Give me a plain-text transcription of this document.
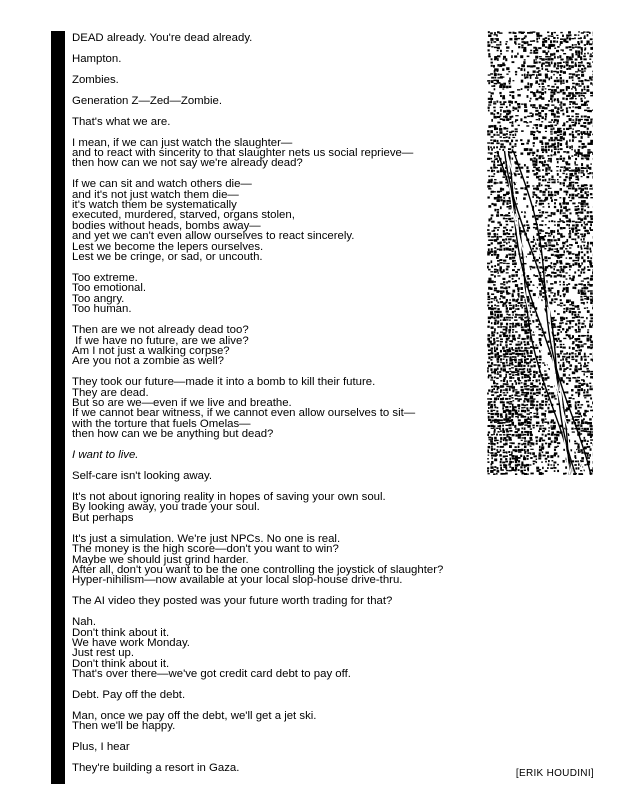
DEAD already. You're dead already.
Hampton.
Zombies.
Generation Z—Zed—Zombie.
That's what we are.
I mean, if we can just watch the slaughter—
and to react with sincerity to that slaughter nets us social reprieve—
then how can we not say we're already dead?
If we can sit and watch others die—
and it's not just watch them die—
it's watch them be systematically
executed, murdered, starved, organs stolen,
bodies without heads, bombs away—
and yet we can't even allow ourselves to react sincerely.
Lest we become the lepers ourselves.
Lest we be cringe, or sad, or uncouth.
Too extreme.
Too emotional.
Too angry.
Too human.
Then are we not already dead too?
If we have no future, are we alive?
Am I not just a walking corpse?
Are you not a zombie as well?
They took our future—made it into a bomb to kill their future.
They are dead.
But so are we—even if we live and breathe.
If we cannot bear witness, if we cannot even allow ourselves to sit—
with the torture that fuels Omelas—
then how can we be anything but dead?
I want to live.
Self-care isn't looking away.
It's not about ignoring reality in hopes of saving your own soul.
By looking away, you trade your soul.
But perhaps
It's just a simulation. We're just NPCs. No one is real.
The money is the high score—don't you want to win?
Maybe we should just grind harder.
After all, don't you want to be the one controlling the joystick of slaughter?
Hyper-nihilism—now available at your local slop-house drive-thru.
The AI video they posted was your future worth trading for that?
Nah.
Don't think about it.
We have work Monday.
Just rest up.
Don't think about it.
That's over there—we've got credit card debt to pay off.
Debt. Pay off the debt.
Man, once we pay off the debt, we'll get a jet ski.
Then we'll be happy.
Plus, I hear
They're building a resort in Gaza.	[ERIK HOUDINI]
